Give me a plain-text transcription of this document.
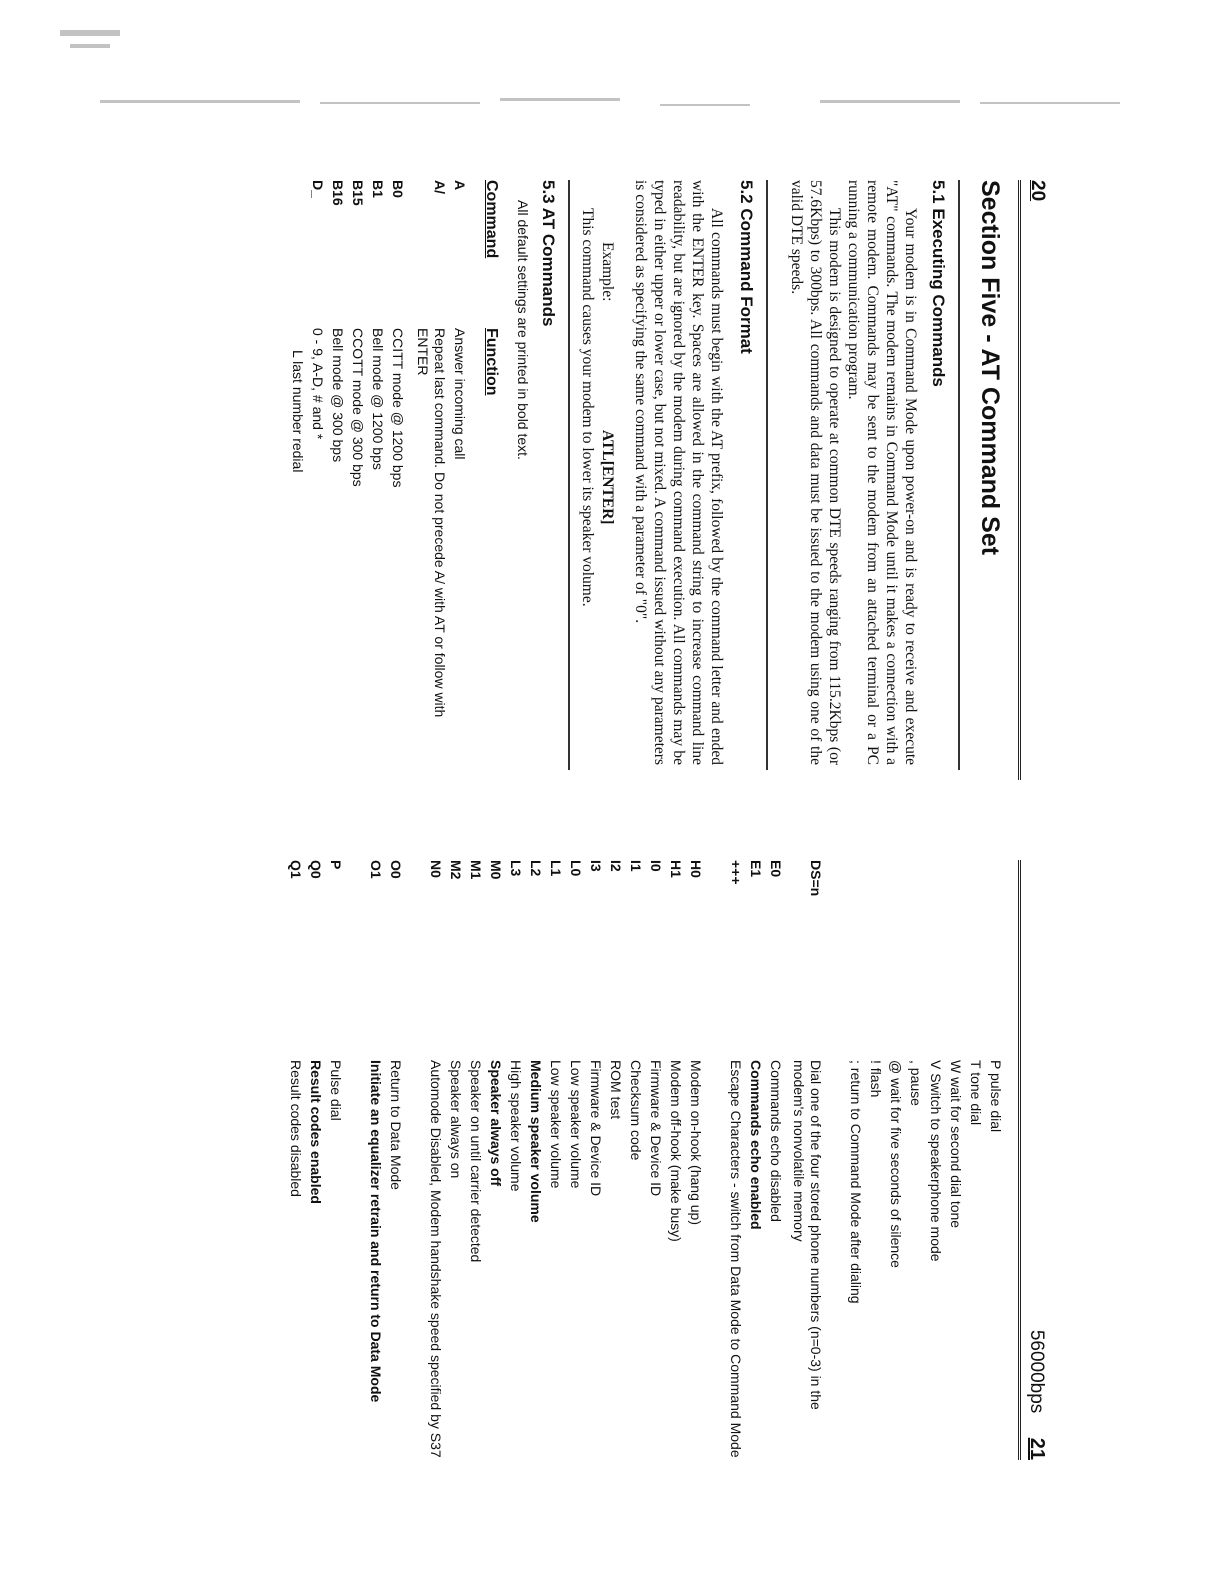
20
Section Five - AT Command Set
5.1 Executing Commands

Your modem is in Command Mode upon power-on and is ready to receive and execute "AT" commands. The modem remains in Command Mode until it makes a connection with a remote modem. Commands may be sent to the modem from an attached terminal or a PC running a communication program.

This modem is designed to operate at common DTE speeds ranging from 115.2Kbps (or 57.6Kbps) to 300bps. All commands and data must be issued to the modem using one of the valid DTE speeds.

5.2 Command Format

All commands must begin with the AT prefix, followed by the command letter and ended with the ENTER key. Spaces are allowed in the command string to increase command line readability, but are ignored by the modem during command execution. All commands may be typed in either upper or lower case, but not mixed. A command issued without any parameters is considered as specifying the same command with a parameter of "0".

Example:
ATL[ENTER]
This command causes your modem to lower its speaker volume.
5.3 AT Commands
All default settings are printed in bold text.
Command
Function
A
Answer incoming call
A/
Repeat last command. Do not precede A/ with AT or follow with ENTER
B0
CCITT mode @ 1200 bps
B1
Bell mode @ 1200 bps
B15
CCOTT mode @ 300 bps
B16
Bell mode @ 300 bps
D_
0 - 9, A-D, # and *
L last number redial
56000bps 21
P pulse dial
T tone dial
W wait for second dial tone
V Switch to speakerphone mode
, pause
@ wait for five seconds of silence
! flash
; return to Command Mode after dialing
DS=n
Dial one of the four stored phone numbers (n=0-3) in the modem's nonvolatile memory
E0
Commands echo disabled
E1
Commands echo enabled
+++
Escape Characters - switch from Data Mode to Command Mode
H0
Modem on-hook (hang up)
H1
Modem off-hook (make busy)
I0
Firmware & Device ID
I1
Checksum code
I2
ROM test
I3
Firmware & Device ID
L0
Low speaker volume
L1
Low speaker volume
L2
Medium speaker volume
L3
High speaker volume
M0
Speaker always off
M1
Speaker on until carrier detected
M2
Speaker always on
N0
Automode Disabled, Modem handshake speed specified by S37
O0
Return to Data Mode
O1
Initiate an equalizer retrain and return to Data Mode
P
Pulse dial
Q0
Result codes enabled
Q1
Result codes disabled
